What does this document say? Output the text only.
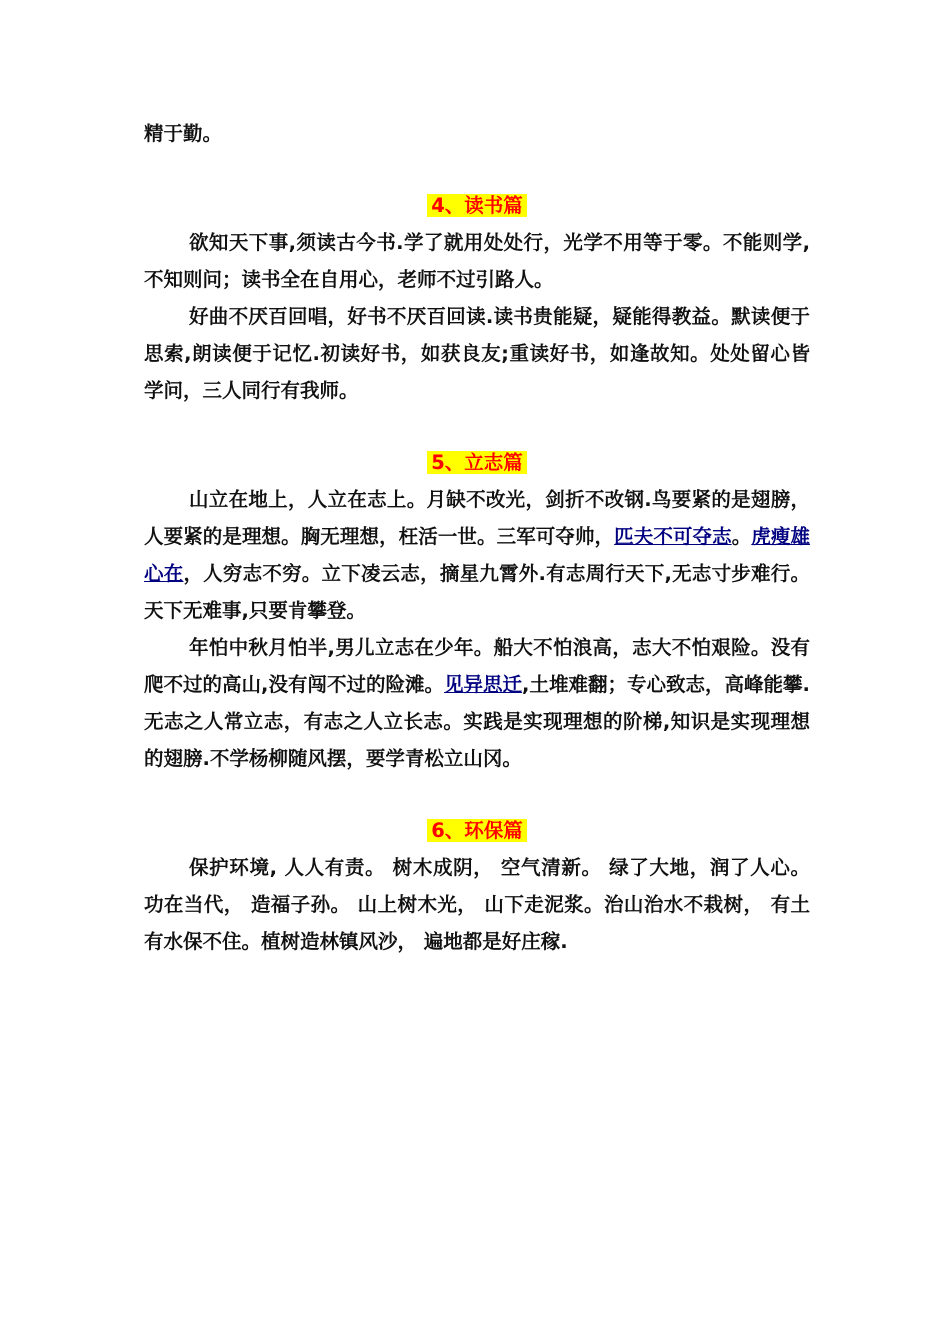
精于勤。

4、读书篇

欲知天下事,须读古今书.学了就用处处行，光学不用等于零。不能则学,不知则问；读书全在自用心，老师不过引路人。

好曲不厌百回唱，好书不厌百回读.读书贵能疑，疑能得教益。默读便于思索,朗读便于记忆.初读好书，如获良友;重读好书，如逢故知。处处留心皆学问，三人同行有我师。

5、立志篇

山立在地上，人立在志上。月缺不改光，剑折不改钢.鸟要紧的是翅膀，人要紧的是理想。胸无理想，枉活一世。三军可夺帅，匹夫不可夺志。虎瘦雄心在，人穷志不穷。立下凌云志，摘星九霄外.有志周行天下,无志寸步难行。天下无难事,只要肯攀登。

年怕中秋月怕半,男儿立志在少年。船大不怕浪高，志大不怕艰险。没有爬不过的高山,没有闯不过的险滩。见异思迁,土堆难翻；专心致志，高峰能攀.无志之人常立志，有志之人立长志。实践是实现理想的阶梯,知识是实现理想的翅膀.不学杨柳随风摆，要学青松立山冈。

6、环保篇

保护环境, 人人有责。 树木成阴， 空气清新。 绿了大地，润了人心。 功在当代， 造福子孙。 山上树木光， 山下走泥浆。治山治水不栽树， 有土有水保不住。植树造林镇风沙， 遍地都是好庄稼.
